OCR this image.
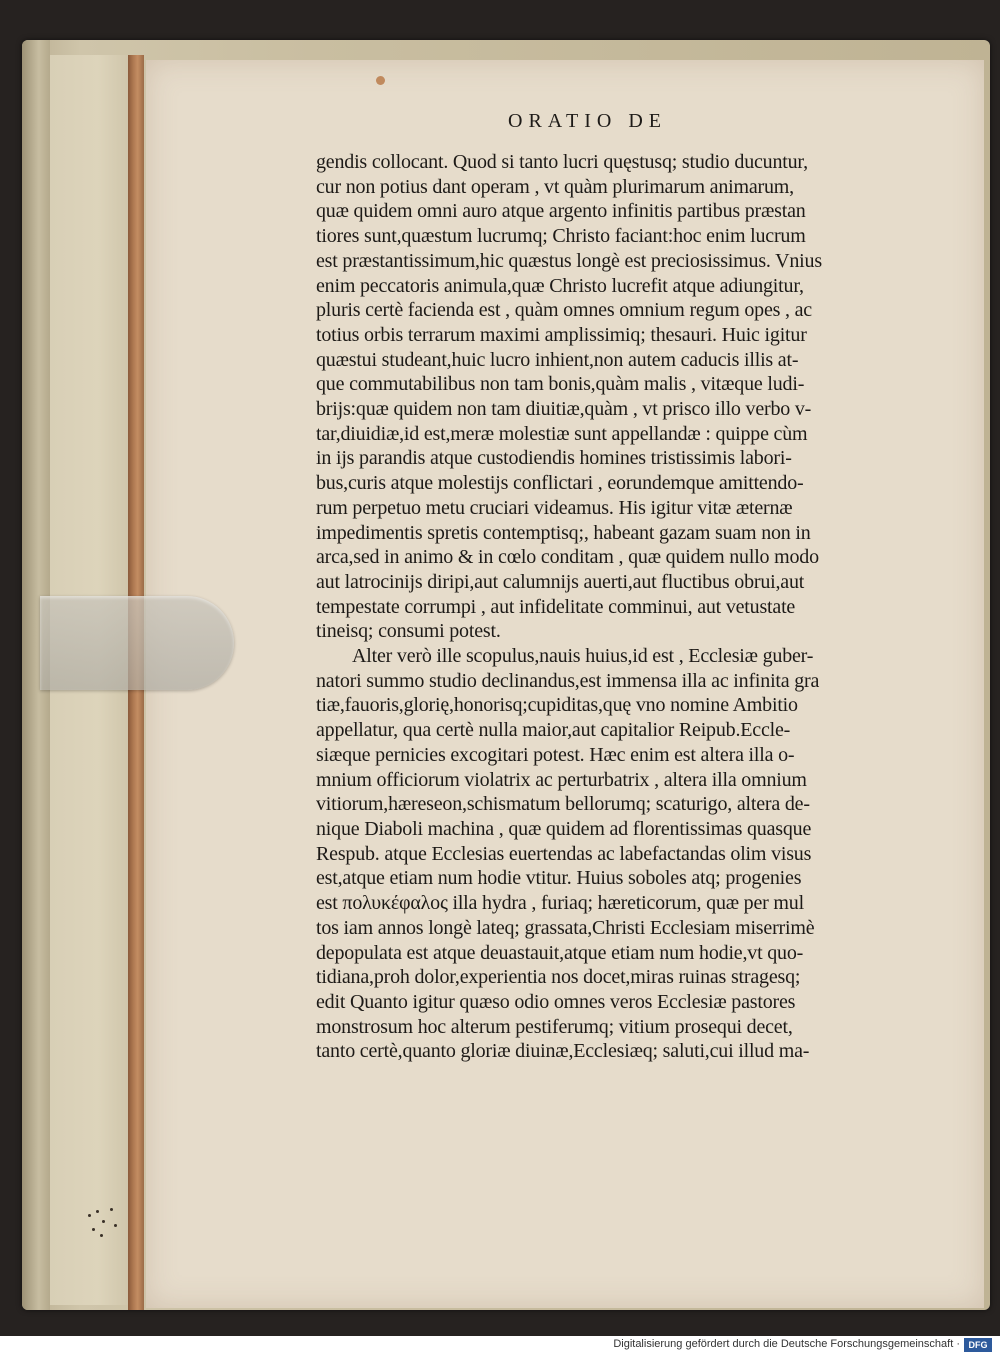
ORATIO DE
gendis collocant. Quod si tanto lucri quęstusq; studio ducuntur,
cur non potius dant operam , vt quàm plurimarum animarum,
quæ quidem omni auro atque argento infinitis partibus præstan
tiores sunt,quæstum lucrumq; Christo faciant:hoc enim lucrum
est præstantissimum,hic quæstus longè est preciosissimus. Vnius
enim peccatoris animula,quæ Christo lucrefit atque adiungitur,
pluris certè facienda est , quàm omnes omnium regum opes , ac
totius orbis terrarum maximi amplissimiq; thesauri. Huic igitur
quæstui studeant,huic lucro inhient,non autem caducis illis at-
que commutabilibus non tam bonis,quàm malis , vitæque ludi-
brijs:quæ quidem non tam diuitiæ,quàm , vt prisco illo verbo v-
tar,diuidiæ,id est,meræ molestiæ sunt appellandæ : quippe cùm
in ijs parandis atque custodiendis homines tristissimis labori-
bus,curis atque molestijs conflictari , eorundemque amittendo-
rum perpetuo metu cruciari videamus. His igitur vitæ æternæ
impedimentis spretis contemptisq;, habeant gazam suam non in
arca,sed in animo & in cœlo conditam , quæ quidem nullo modo
aut latrocinijs diripi,aut calumnijs auerti,aut fluctibus obrui,aut
tempestate corrumpi , aut infidelitate comminui, aut vetustate
tineisq; consumi potest.
Alter verò ille scopulus,nauis huius,id est , Ecclesiæ guber-
natori summo studio declinandus,est immensa illa ac infinita gra
tiæ,fauoris,glorię,honorisq;cupiditas,quę vno nomine Ambitio
appellatur, qua certè nulla maior,aut capitalior Reipub.Eccle-
siæque pernicies excogitari potest. Hæc enim est altera illa o-
mnium officiorum violatrix ac perturbatrix , altera illa omnium
vitiorum,hæreseon,schismatum bellorumq; scaturigo, altera de-
nique Diaboli machina , quæ quidem ad florentissimas quasque
Respub. atque Ecclesias euertendas ac labefactandas olim visus
est,atque etiam num hodie vtitur. Huius soboles atq; progenies
est πολυκέφαλος illa hydra , furiaq; hæreticorum, quæ per mul
tos iam annos longè lateq; grassata,Christi Ecclesiam miserrimè
depopulata est atque deuastauit,atque etiam num hodie,vt quo-
tidiana,proh dolor,experientia nos docet,miras ruinas stragesq;
edit Quanto igitur quæso odio omnes veros Ecclesiæ pastores
monstrosum hoc alterum pestiferumq; vitium prosequi decet,
tanto certè,quanto gloriæ diuinæ,Ecclesiæq; saluti,cui illud ma-
Digitalisierung gefördert durch die Deutsche Forschungsgemeinschaft · DFG
